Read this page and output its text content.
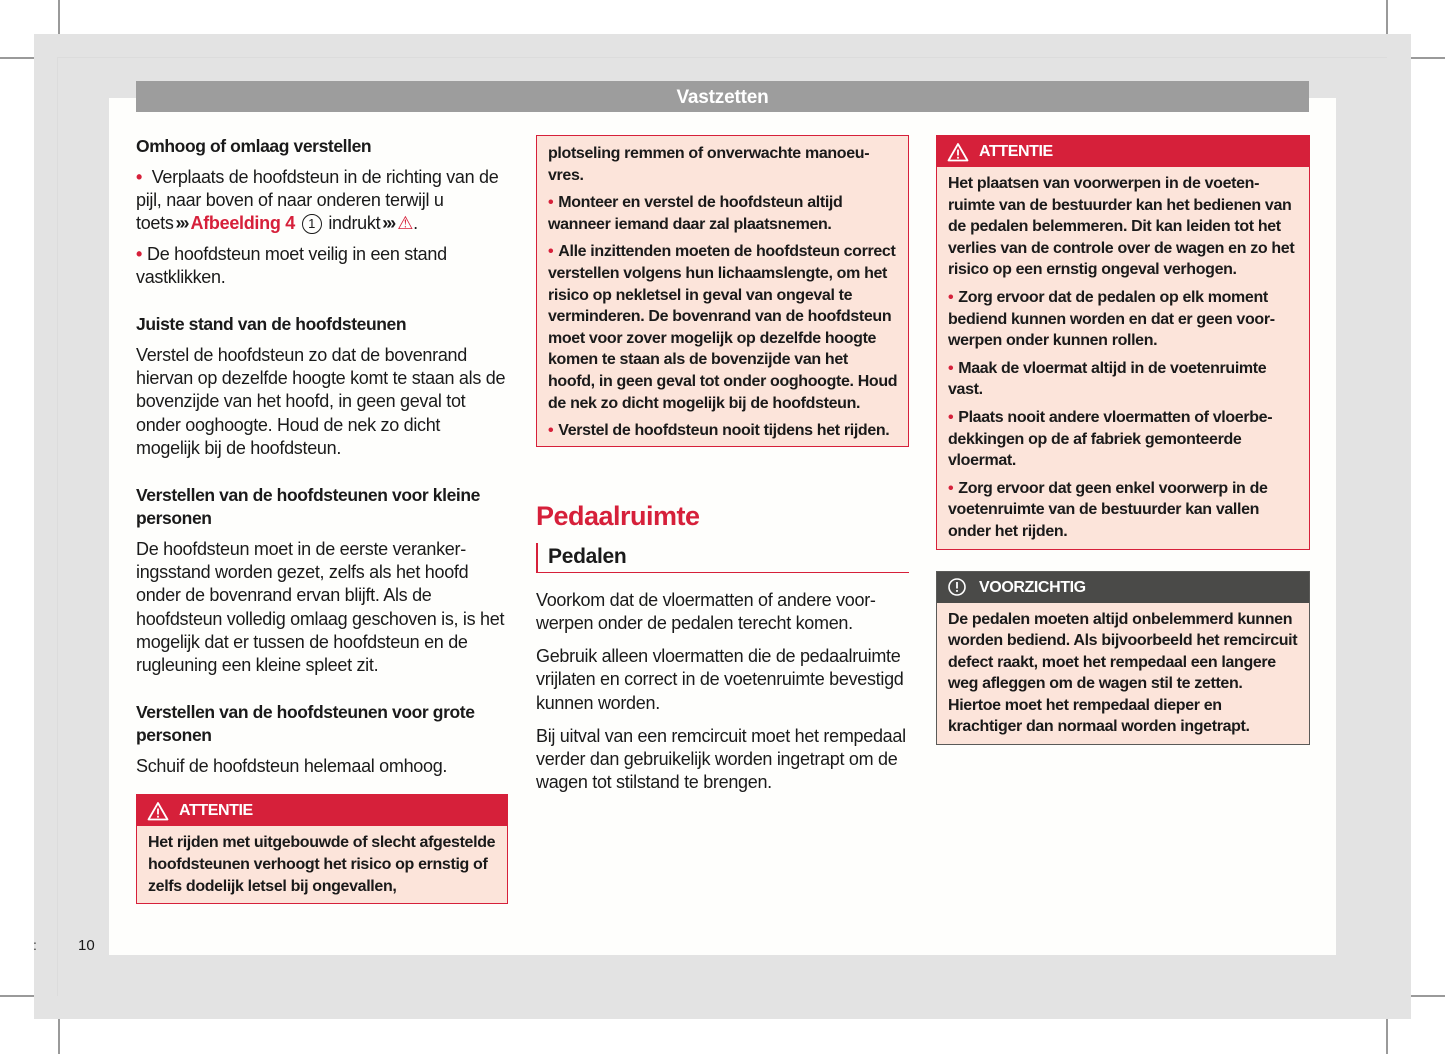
Vastzetten
Omhoog of omlaag verstellen
• Verplaats de hoofdsteun in de richting van de pijl, naar boven of naar onderen terwijl u toets ››› Afbeelding 4 1 indrukt ››› ⚠.
• De hoofdsteun moet veilig in een stand vastklikken.
Juiste stand van de hoofdsteunen
Verstel de hoofdsteun zo dat de bovenrand hiervan op dezelfde hoogte komt te staan als de bovenzijde van het hoofd, in geen geval tot onder ooghoogte. Houd de nek zo dicht mogelijk bij de hoofdsteun.
Verstellen van de hoofdsteunen voor kleine personen
De hoofdsteun moet in de eerste verankeringsstand worden gezet, zelfs als het hoofd onder de bovenrand ervan blijft. Als de hoofdsteun volledig omlaag geschoven is, is het mogelijk dat er tussen de hoofdsteun en de rugleuning een kleine spleet zit.
Verstellen van de hoofdsteunen voor grote personen
Schuif de hoofdsteun helemaal omhoog.
ATTENTIE
Het rijden met uitgebouwde of slecht afgestelde hoofdsteunen verhoogt het risico op ernstig of zelfs dodelijk letsel bij ongevallen,
plotseling remmen of onverwachte manoeuvres.
• Monteer en verstel de hoofdsteun altijd wanneer iemand daar zal plaatsnemen.
• Alle inzittenden moeten de hoofdsteun correct verstellen volgens hun lichaamslengte, om het risico op nekletsel in geval van ongeval te verminderen. De bovenrand van de hoofdsteun moet voor zover mogelijk op dezelfde hoogte komen te staan als de bovenzijde van het hoofd, in geen geval tot onder ooghoogte. Houd de nek zo dicht mogelijk bij de hoofdsteun.
• Verstel de hoofdsteun nooit tijdens het rijden.
Pedaalruimte
Pedalen
Voorkom dat de vloermatten of andere voorwerpen onder de pedalen terecht komen.
Gebruik alleen vloermatten die de pedaalruimte vrijlaten en correct in de voetenruimte bevestigd kunnen worden.
Bij uitval van een remcircuit moet het rempedaal verder dan gebruikelijk worden ingetrapt om de wagen tot stilstand te brengen.
ATTENTIE
Het plaatsen van voorwerpen in de voetenruimte van de bestuurder kan het bedienen van de pedalen belemmeren. Dit kan leiden tot het verlies van de controle over de wagen en zo het risico op een ernstig ongeval verhogen.
• Zorg ervoor dat de pedalen op elk moment bediend kunnen worden en dat er geen voorwerpen onder kunnen rollen.
• Maak de vloermat altijd in de voetenruimte vast.
• Plaats nooit andere vloermatten of vloerbedekkingen op de af fabriek gemonteerde vloermat.
• Zorg ervoor dat geen enkel voorwerp in de voetenruimte van de bestuurder kan vallen onder het rijden.
VOORZICHTIG
De pedalen moeten altijd onbelemmerd kunnen worden bediend. Als bijvoorbeeld het remcircuit defect raakt, moet het rempedaal een langere weg afleggen om de wagen stil te zetten. Hiertoe moet het rempedaal dieper en krachtiger dan normaal worden ingetrapt.
:	10
